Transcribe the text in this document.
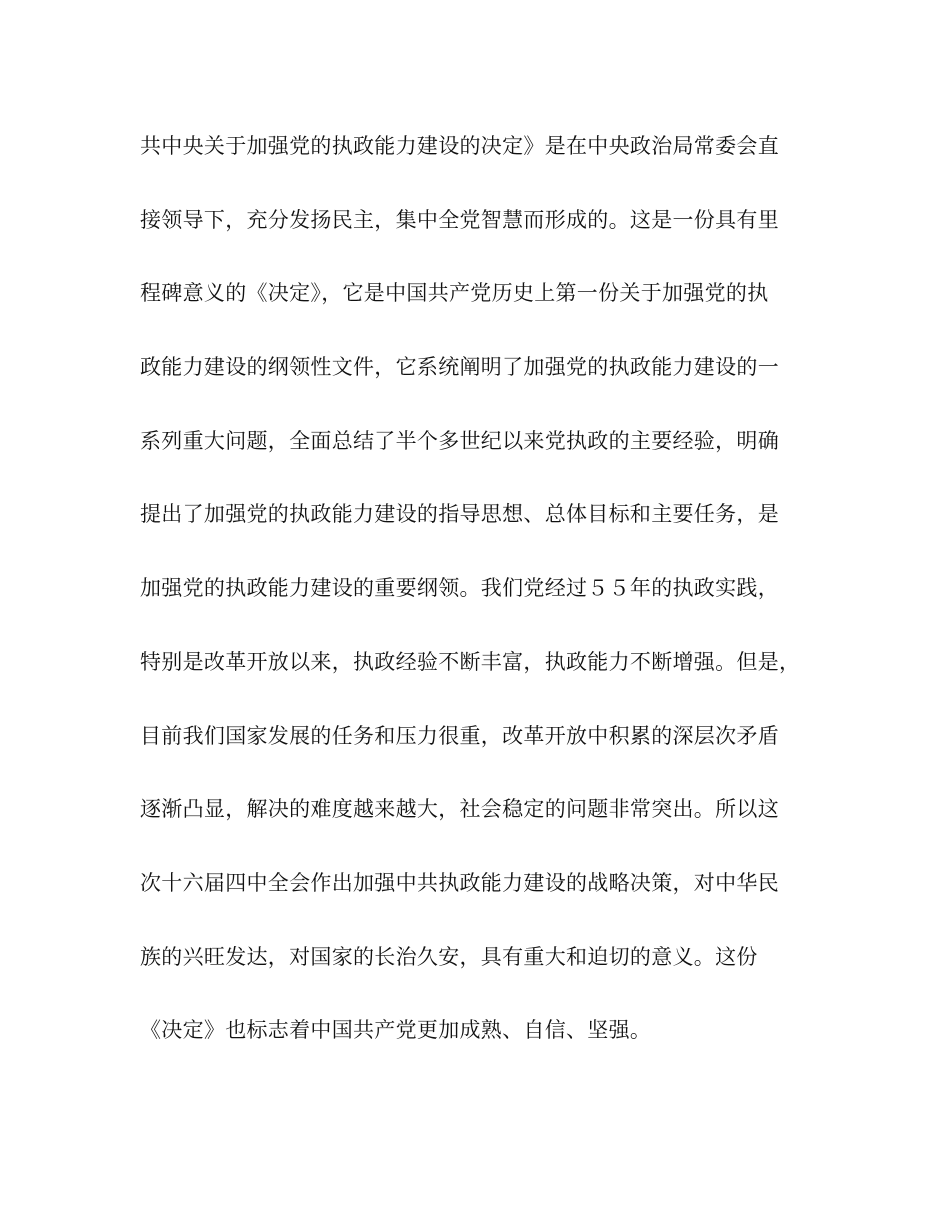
共中央关于加强党的执政能力建设的决定》是在中央政治局常委会直

接领导下，充分发扬民主，集中全党智慧而形成的。这是一份具有里

程碑意义的《决定》，它是中国共产党历史上第一份关于加强党的执

政能力建设的纲领性文件，它系统阐明了加强党的执政能力建设的一

系列重大问题，全面总结了半个多世纪以来党执政的主要经验，明确

提出了加强党的执政能力建设的指导思想、总体目标和主要任务，是

加强党的执政能力建设的重要纲领。我们党经过５５年的执政实践，

特别是改革开放以来，执政经验不断丰富，执政能力不断增强。但是，

目前我们国家发展的任务和压力很重，改革开放中积累的深层次矛盾

逐渐凸显，解决的难度越来越大，社会稳定的问题非常突出。所以这

次十六届四中全会作出加强中共执政能力建设的战略决策，对中华民

族的兴旺发达，对国家的长治久安，具有重大和迫切的意义。这份

《决定》也标志着中国共产党更加成熟、自信、坚强。
